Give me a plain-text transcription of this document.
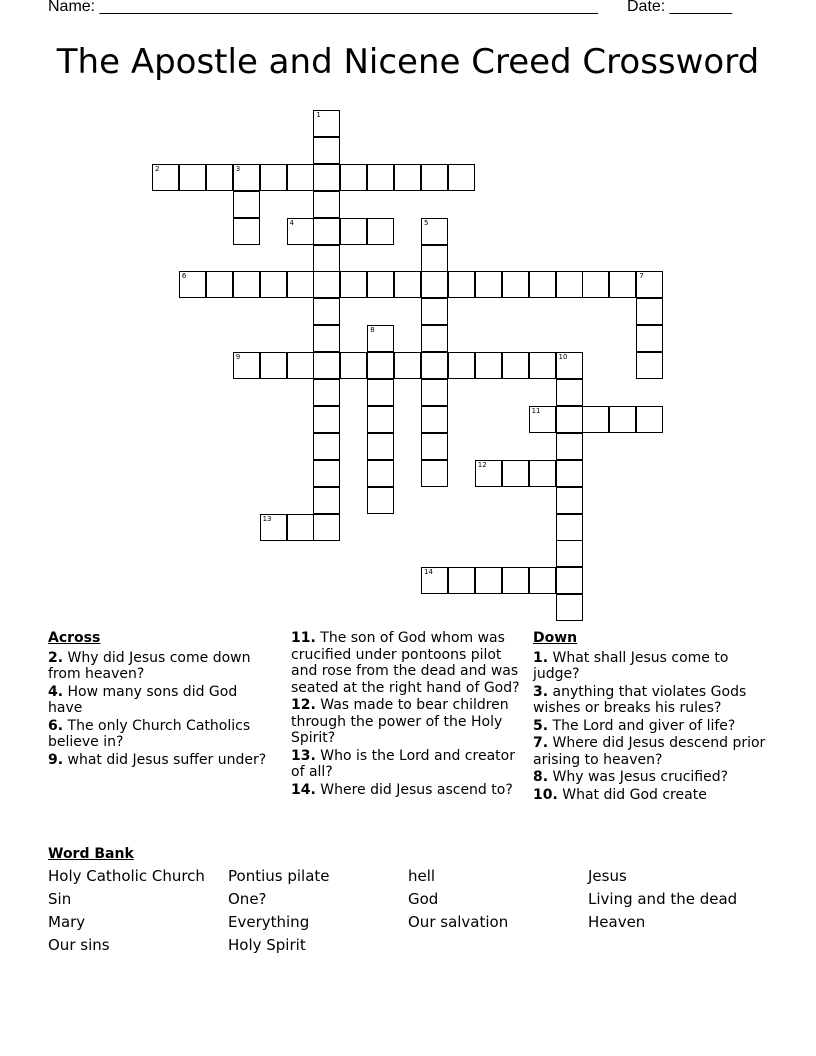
Name: ________________________________________________________ Date: _______
The Apostle and Nicene Creed Crossword
1
3
5
7
8
10
2
4
6
9
11
12
13
14
Across
2. Why did Jesus come down from heaven?
4. How many sons did God have
6. The only Church Catholics believe in?
9. what did Jesus suffer under?
11. The son of God whom was crucified under pontoons pilot and rose from the dead and was seated at the right hand of God?
12. Was made to bear children through the power of the Holy Spirit?
13. Who is the Lord and creator of all?
14. Where did Jesus ascend to?
Down
1. What shall Jesus come to judge?
3. anything that violates Gods wishes or breaks his rules?
5. The Lord and giver of life?
7. Where did Jesus descend prior arising to heaven?
8. Why was Jesus crucified?
10. What did God create
Word Bank
Holy Catholic Church	Pontius pilate	hell	Jesus
Sin	One?	God	Living and the dead
Mary	Everything	Our salvation	Heaven
Our sins	Holy Spirit
